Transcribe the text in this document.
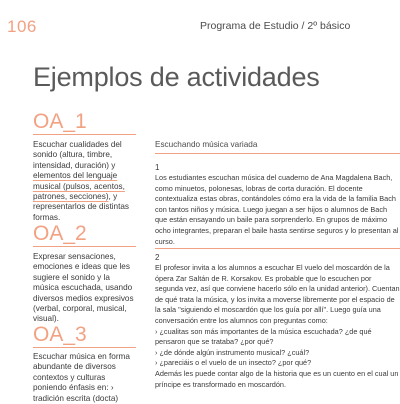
106	Programa de Estudio / 2º básico
Ejemplos de actividades
OA_1

Escuchar cualidades del sonido (altura, timbre, intensidad, duración) y elementos del lenguaje musical (pulsos, acentos, patrones, secciones), y representarlos de distintas formas.

OA_2

Expresar sensaciones, emociones e ideas que les sugiere el sonido y la música escuchada, usando diversos medios expresivos (verbal, corporal, musical, visual).

OA_3

Escuchar música en forma abundante de diversos contextos y culturas poniendo énfasis en: › tradición escrita (docta)

Escuchando música variada
1

Los estudiantes escuchan música del cuaderno de Ana Magdalena Bach, como minuetos, polonesas, lobras de corta duración. El docente contextualiza estas obras, contándoles cómo era la vida de la familia Bach con tantos niños y música. Luego juegan a ser hijos o alumnos de Bach que están ensayando un baile para sorprenderlo. En grupos de máximo ocho integrantes, preparan el baile hasta sentirse seguros y lo presentan al curso.

2

El profesor invita a los alumnos a escuchar El vuelo del moscardón de la ópera Zar Saltán de R. Korsakov. Es probable que lo escuchen por segunda vez, así que conviene hacerlo sólo en la unidad anterior). Cuentan de qué trata la música, y los invita a moverse libremente por el espacio de la sala "siguiendo el moscardón que los guía por allí". Luego guía una conversación entre los alumnos con preguntas como:

› ¿cualitas son más importantes de la música escuchada? ¿de qué pensaron que se trataba? ¿por qué?
› ¿de dónde algún instrumento musical? ¿cuál?
› ¿pareciáis o el vuelo de un insecto? ¿por qué?

Además les puede contar algo de la historia que es un cuento en el cual un príncipe es transformado en moscardón.
